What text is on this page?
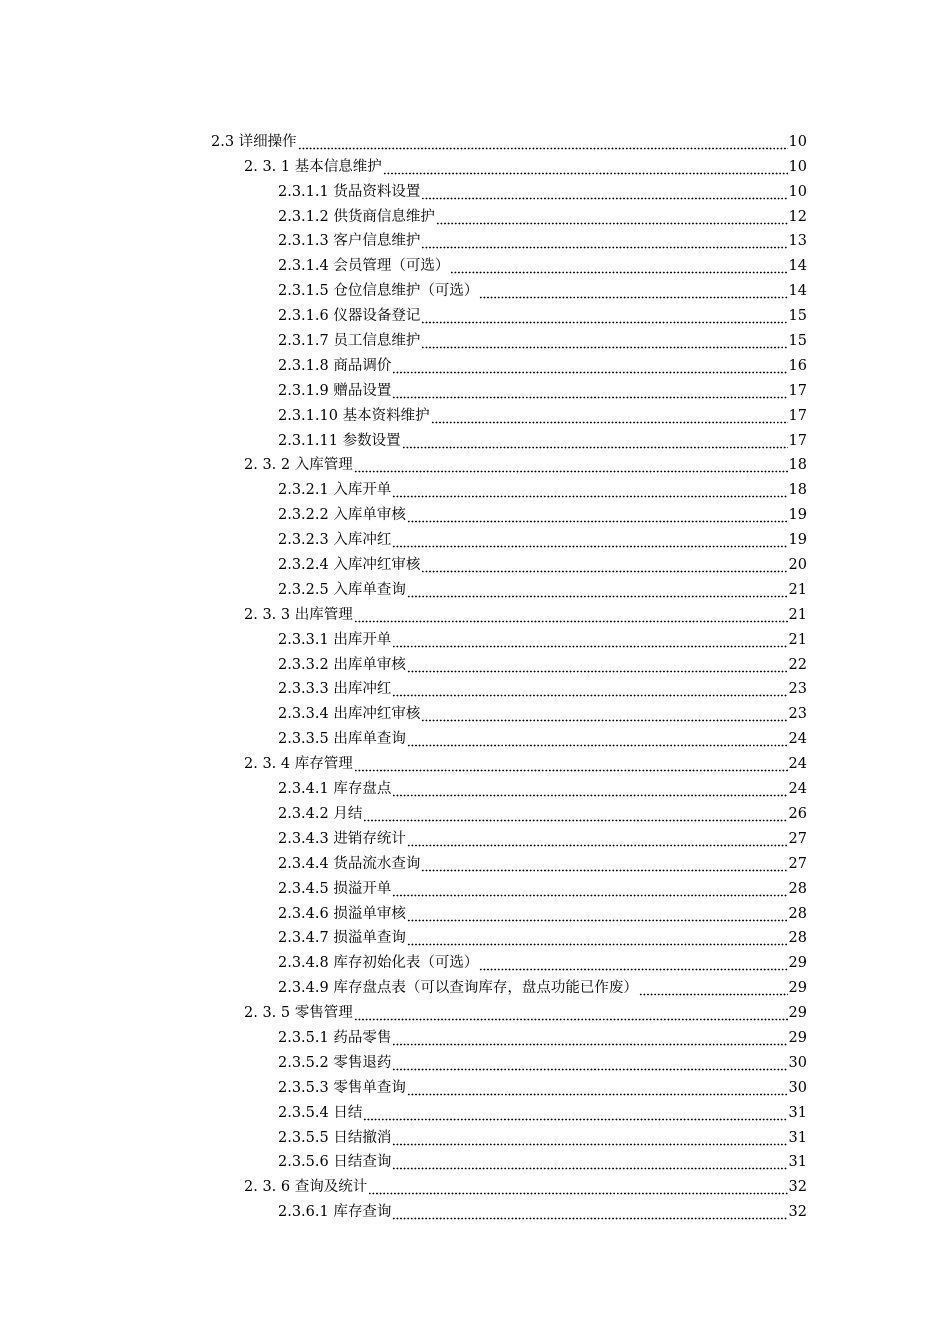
2.3 详细操作	10
2. 3. 1 基本信息维护	10
2.3.1.1 货品资料设置	10
2.3.1.2 供货商信息维护	12
2.3.1.3 客户信息维护	13
2.3.1.4 会员管理（可选）	14
2.3.1.5 仓位信息维护（可选）	14
2.3.1.6 仪器设备登记	15
2.3.1.7 员工信息维护	15
2.3.1.8 商品调价	16
2.3.1.9 赠品设置	17
2.3.1.10 基本资料维护	17
2.3.1.11 参数设置	17
2. 3. 2 入库管理	18
2.3.2.1 入库开单	18
2.3.2.2 入库单审核	19
2.3.2.3 入库冲红	19
2.3.2.4 入库冲红审核	20
2.3.2.5 入库单查询	21
2. 3. 3 出库管理	21
2.3.3.1 出库开单	21
2.3.3.2 出库单审核	22
2.3.3.3 出库冲红	23
2.3.3.4 出库冲红审核	23
2.3.3.5 出库单查询	24
2. 3. 4 库存管理	24
2.3.4.1 库存盘点	24
2.3.4.2 月结	26
2.3.4.3 进销存统计	27
2.3.4.4 货品流水查询	27
2.3.4.5 损溢开单	28
2.3.4.6 损溢单审核	28
2.3.4.7 损溢单查询	28
2.3.4.8 库存初始化表（可选）	29
2.3.4.9 库存盘点表（可以查询库存，盘点功能已作废）	29
2. 3. 5 零售管理	29
2.3.5.1 药品零售	29
2.3.5.2 零售退药	30
2.3.5.3 零售单查询	30
2.3.5.4 日结	31
2.3.5.5 日结撤消	31
2.3.5.6 日结查询	31
2. 3. 6 查询及统计	32
2.3.6.1 库存查询	32
